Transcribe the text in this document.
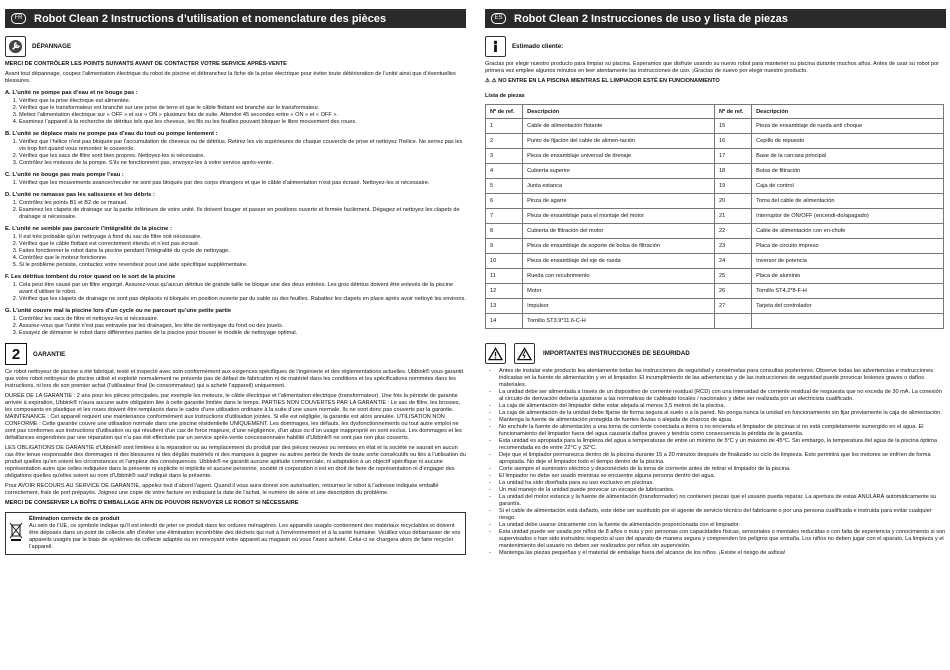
FR	Robot Clean 2 Instructions d’utilisation et nomenclature des pièces
DÉPANNAGE

MERCI DE CONTRÔLER LES POINTS SUIVANTS AVANT DE CONTACTER VOTRE SERVICE APRÈS-VENTE

Avant tout dépannage, coupez l’alimentation électrique du robot de piscine et débranchez la fiche de la prise électrique pour éviter toute détérioration de l’unité ainsi que d’éventuelles blessures.

A. L’unité ne pompe pas d’eau et ne bouge pas :
1. Vérifiez que la prise électrique est alimentée.
2. Vérifiez que le transformateur est branché sur une prise de terre et que le câble flottant est branché sur le transformateur.
3. Mettez l’alimentation électrique sur « OFF » et sur « ON » plusieurs fois de suite. Attendre 45 secondes entre « ON » et « OFF ».
4. Examinez l’appareil à la recherche de détritus tels que les cheveux, les fils ou les feuilles pouvant bloquer le libre mouvement des roues.
B. L’unité se déplace mais ne pompe pas d’eau du tout ou pompe lentement :
1. Vérifiez que l’hélice n’est pas bloquée par l’accumulation de cheveux ou de détritus. Retirez les vis supérieures de chaque couvercle de prise et nettoyez l’hélice. Ne serrez pas les vis trop fort quand vous remontez le couvercle.
2. Vérifiez que les sacs de filtre sont bien propres. Nettoyez-les si nécessaire.
3. Contrôlez les moteurs de la pompe. S’ils ne fonctionnent pas, envoyez-les à votre service après-vente.
C. L’unité ne bouge pas mais pompe l’eau :
1. Vérifiez que les mouvements avancer/reculer ne sont pas bloqués par des corps étrangers et que le câble d’alimentation n’est pas écrasé. Nettoyez-les si nécessaire.
D. L’unité ne ramasse pas les salissures et les débris :
1. Contrôlez les points B1 et B2 de ce manuel.
2. Examinez les clapets de drainage sur la partie inférieure de votre unité. Ils doivent bouger et passer en positions ouverte et fermée facilement. Dégagez et nettoyez les clapets de drainage si nécessaire.
E. L’unité ne semble pas parcourir l’intégralité de la piscine :
1. Il est très probable qu’un nettoyage à fond du sac de filtre soit nécessaire.
2. Vérifiez que le câble flottant est correctement étendu et n’est pas écrasé.
3. Faites fonctionner le robot dans la piscine pendant l’intégralité du cycle de nettoyage.
4. Contrôlez que le moteur fonctionne.
5. Si le problème persiste, contactez votre revendeur pour une aide spécifique supplémentaire.
F. Les détritus tombent du rotor quand on le sort de la piscine
1. Cela peut être causé par un filtre engorgé. Assurez-vous qu’aucun détritus de grande taille ne bloque une des deux entrées. Les gros détritus doivent être enlevés de la piscine avant d’utiliser le robot.
2. Vérifiez que les clapets de drainage ne sont pas déplacés ni bloqués en position ouverte par du sable ou des feuilles. Rabattez les clapets en place après avoir nettoyé les environs.
G. L’unité couvre mal la piscine lors d’un cycle ou ne parcourt qu’une petite partie
1. Contrôlez les sacs de filtre et nettoyez-les si nécessaire.
2. Assurez-vous que l’unité n’est pas entravée par les drainages, les tête de nettoyage du fond ou des jouets.
3. Essayez de démarrer le robot dans différentes parties de la piscine pour trouver le modèle de nettoyage optimal.
2	GARANTIE

Ce robot nettoyeur de piscine a été fabriqué, testé et inspecté avec soin conformément aux exigences spécifiques de l’ingénierie et des réglementations actuelles. Ubbink® vous garantit que votre robot nettoyeur de piscine utilisé et exploité normalement ne présente pas de défaut de fabrication ni de matériel dans les conditions et les spécifications nommées dans les instructions, ni lors de son premier achat (l’utilisateur final (le consommateur) qui a acheté l’appareil) uniquement.

DURÉE DE LA GARANTIE : 2 ans pour les pièces principales, par exemple les moteurs, le câble électrique et l’alimentation électrique (transformateur). Une fois la période de garantie arrivée à expiration, Ubbink® n’aura aucune autre obligation liée à cette garantie limitée dans le temps. PARTIES NON COUVERTES PAR LA GARANTIE : Le sac de filtre, les brosses, les composants en plastique et les roues doivent être remplacés dans le cadre d’une utilisation ordinaire à la suite d’une usure normale. Ils ne sont donc pas couverts par la garantie. MAINTENANCE : Cet appareil requiert une maintenance conformément aux instructions d’utilisation jointes. Si elle est négligée, la garantie est alors annulée. UTILISATION NON CONFORME : Cette garantie couvre une utilisation normale dans une piscine résidentielle UNIQUEMENT. Les dommages, les défauts, les dysfonctionnements ou tout autre emploi ne sont pas conformes aux instructions d’utilisation ou qui résultent d’un cas de force majeure, d’une négligence, d’un abus ou d’un usage inapproprié en sont exclus. Les dommages et les défaillances engendrées par une réparation qui n’a pas été effectuée par un service après-vente concessionnaire habilité d’Ubbink® ne sont pas non plus couverts.

LES OBLIGATIONS DE GARANTIE d’Ubbink® sont limitées à la réparation ou au remplacement du produit par des pièces neuves ou remises en état et la société ne saurait en aucun cas être tenue responsable des dommages ni des blessures ni des dégâts matériels ni des manques à gagner ou autres pertes de fonds de toute sorte consécutifs ou liés à l’utilisation du produit quelles qu’en soient les circonstances et l’ampleur des conséquences. Ubbink® ne garantit aucune aptitude commerciale, ni adaptation à un objectif spécifique ni aucune représentation autre que celles indiquées dans la présente ni explicite ni implicite et aucune personne, société ni corporation n’est en droit de faire de représentation ni d’engager des obligations quelles qu’elles soient au nom d’Ubbink® sauf indiqué dans la présente.

Pour AVOIR RECOURS AU SERVICE DE GARANTIE, appelez tout d’abord l’agent. Quand il vous aura donné son autorisation, retournez le robot à l’adresse indiquée emballé correctement, frais de port prépayés. Joignez une copie de votre facture en indiquant la date de l’achat, le numéro de série et une description du problème.

MERCI DE CONSERVER LA BOÎTE D’EMBALLAGE AFIN DE POUVOIR RENVOYER LE ROBOT SI NÉCESSAIRE

Élimination correcte de ce produit
Au sein de l’UE, ce symbole indique qu’il est interdit de jeter ce produit dans les ordures ménagères. Les appareils usagés contiennent des matériaux recyclables et doivent être déposés dans un point de collecte afin d’éviter une élimination incontrôlée des déchets qui nuit à l’environnement et à la santé humaine. Veuillez vous débarrasser de vos appareils usagés par le biais de systèmes de collecte adaptés ou en renvoyant votre appareil au magasin où vous l’avez acheté. Celui-ci se chargera alors de faire recycler l’appareil.
ES	Robot Clean 2 Instrucciones de uso y lista de piezas
Estimado cliente:

Gracias por elegir nuestro producto para limpiar su piscina. Esperamos que disfrute usando su nuevo robot para mantener su piscina durante muchos años. Antes de usar su robot por primera vez emplee algunos minutos en leer atentamente las instrucciones de uso. ¡Gracias de nuevo por elegir nuestro producto.

⚠ ⚠ NO ENTRE EN LA PISCINA MIENTRAS EL LIMPIADOR ESTÉ EN FUNCIONAMIENTO

Lista de piezas

Nº de ref.	Descripción	Nº de ref.	Descripción
1	Cable de alimentación flotante	15	Pieza de ensamblaje de rueda anti choque
2	Punto de fijación del cable de alimen-tación	16	Cepillo de repuesto
3	Pieza de ensamblaje universal de drenaje	17	Base de la carcasa principal
4	Cubierta superior	18	Bolsa de filtración
5	Junta estanca	19	Caja de control
6	Pinza de agarre	20	Toma del cable de alimentación
7	Pieza de ensamblaje para el montaje del motor	21	Interruptor de ON/OFF (encendi-do/apagado)
8	Cubierta de filtración del motor	22	Cable de alimentación con en-chufe
9	Pieza de ensamblaje de soporte de bolsa de filtración	23	Placa de circuito impreso
10	Pieza de ensamblaje del eje de rueda	24	Inversor de potencia
11	Rueda con recubrimiento	25	Placa de aluminio
12	Motor	26	Tornillo ST4.2*8-F-H
13	Impulsor	27	Tarjeta del controlador
14	Tornillo ST3.9*11.6-C-H		
IMPORTANTES INSTRUCCIONES DE SEGURIDAD
- Antes de instalar este producto lea atentamente todas las instrucciones de seguridad y consérvelas para consultas posteriores. Observe todas las advertencias e instrucciones indicadas en la fuente de alimentación y en el limpiador. El incumplimiento de las advertencias y de las instrucciones de seguridad puede provocar lesiones graves o daños materiales.
- La unidad debe ser alimentada a través de un dispositivo de corriente residual (RCD) con una intensidad de corriente residual de respuesta que no exceda de 30 mA. La conexión al circuito de derivación debería ajustarse a las normativas de cableado locales / nacionales y debe ser realizada por un electricista cualificado.
- La caja de alimentación del limpiador debe estar alejada al menos 3,5 metros de la piscina.
- La caja de alimentación de la unidad debe fijarse de forma segura al suelo o a la pared. No ponga nunca la unidad en funcionamiento sin fijar previamente la caja de alimentación.
- Mantenga la fuente de alimentación protegida de fuertes lluvias o alejada de charcos de agua.
- No enchufe la fuente de alimentación a una toma de corriente conectada a tierra o no encienda el limpiador de piscinas si no está completamente sumergido en el agua. El funcionamiento del limpiador fuera del agua causaría daños graves y tendría como consecuencia la pérdida de la garantía.
- Esta unidad es apropiada para la limpieza del agua a temperaturas de entre un mínimo de 5°C y un máximo de 45°C. Sin embargo, la temperatura del agua de la piscina óptima recomendada es de entre 22°C y 32°C.
- Deje que el limpiador permanezca dentro de la piscina durante 15 a 20 minutos después de finalizado su ciclo de limpieza. Esto permitirá que los motores se enfríen de forma apropiada. No deje el limpiador todo el tiempo dentro de la piscina.
- Corte siempre el suministro eléctrico y desconéctelo de la toma de corriente antes de retirar el limpiador de la piscina.
- El limpiador no debe ser usado mientras se encuentre alguna persona dentro del agua.
- La unidad ha sido diseñada para su uso exclusivo en piscinas.
- Un mal manejo de la unidad puede provocar un escape de lubricantes.
- La unidad del motor estanca y la fuente de alimentación (transformador) no contienen piezas que el usuario pueda reparar. La apertura de estas ANULARÁ automáticamente su garantía.
- Si el cable de alimentación está dañado, este debe ser sustituido por el agente de servicio técnico del fabricante o por una persona cualificada e instruida para evitar cualquier riesgo.
- La unidad debe usarse únicamente con la fuente de alimentación proporcionada con el limpiador.
- Esta unidad puede ser usada por niños de 8 años o más y por personas con capacidades físicas, sensoriales o mentales reducidas o con falta de experiencia y conocimiento si son supervisados o han sido instruidos respecto al uso del aparato de manera segura y comprenden los peligros que entraña. Los niños no deben jugar con el aparato. La limpieza y el mantenimiento del usuario no deben ser realizados por niños sin supervisión.
- Mantenga las piezas pequeñas y el material de embalaje fuera del alcance de los niños. ¡Existe el riesgo de asfixia!
